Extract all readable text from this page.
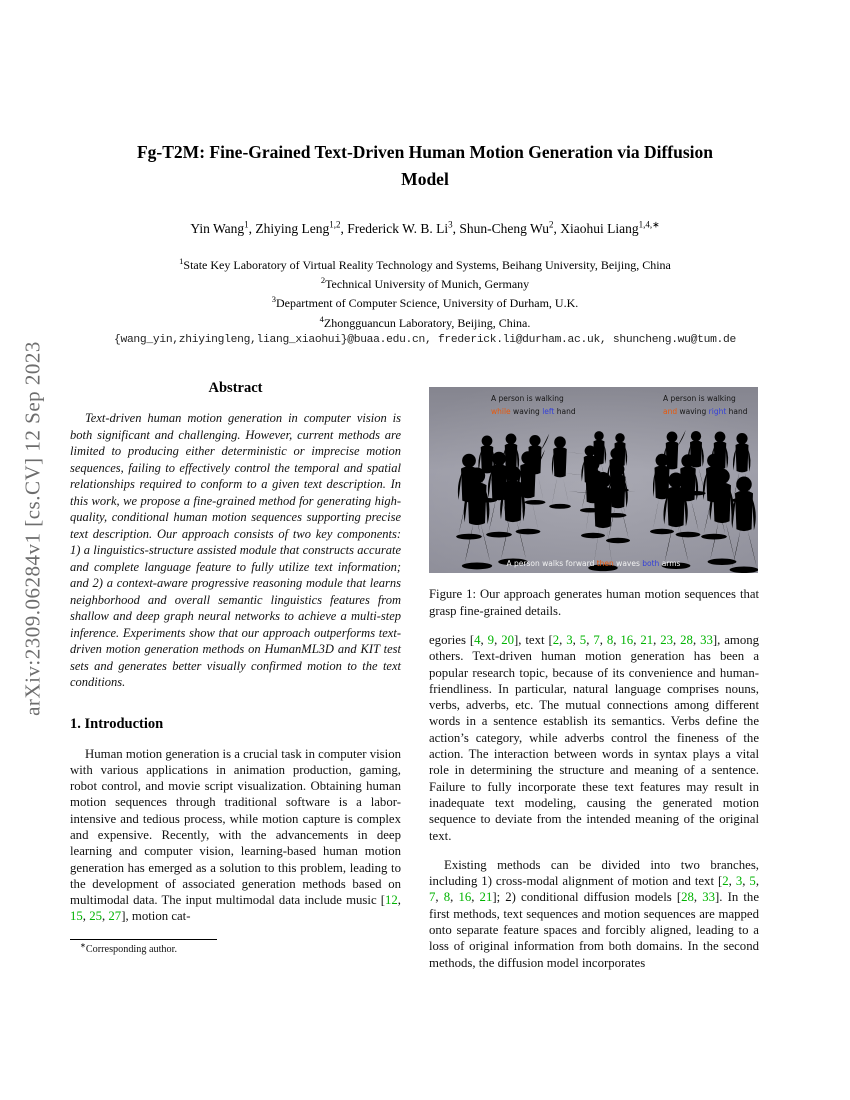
arXiv:2309.06284v1 [cs.CV] 12 Sep 2023
Fg-T2M: Fine-Grained Text-Driven Human Motion Generation via Diffusion
Model
Yin Wang$^1$, Zhiying Leng$^{1,2}$, Frederick W. B. Li$^3$, Shun-Cheng Wu$^2$, Xiaohui Liang$^{1,4,∗}$
$^1$State Key Laboratory of Virtual Reality Technology and Systems, Beihang University, Beijing, China
$^2$Technical University of Munich, Germany
$^3$Department of Computer Science, University of Durham, U.K.
$^4$Zhongguancun Laboratory, Beijing, China.
{wang_yin,zhiyingleng,liang_xiaohui}@buaa.edu.cn, frederick.li@durham.ac.uk, shuncheng.wu@tum.de
Abstract

Text-driven human motion generation in computer vision is both significant and challenging. However, current methods are limited to producing either deterministic or imprecise motion sequences, failing to effectively control the temporal and spatial relationships required to conform to a given text description. In this work, we propose a fine-grained method for generating high-quality, conditional human motion sequences supporting precise text description. Our approach consists of two key components: 1) a linguistics-structure assisted module that constructs accurate and complete language feature to fully utilize text information; and 2) a context-aware progressive reasoning module that learns neighborhood and overall semantic linguistics features from shallow and deep graph neural networks to achieve a multi-step inference. Experiments show that our approach outperforms text-driven motion generation methods on HumanML3D and KIT test sets and generates better visually confirmed motion to the text conditions.

1. Introduction

Human motion generation is a crucial task in computer vision with various applications in animation production, gaming, robot control, and movie script visualization. Obtaining human motion sequences through traditional software is a labor-intensive and tedious process, while motion capture is complex and expensive. Recently, with the advancements in deep learning and computer vision, learning-based human motion generation has emerged as a solution to this problem, leading to the development of associated generation methods based on multimodal data. The input multimodal data include music [12, 15, 25, 27], motion cat-

∗Corresponding author.
A person is walking
while waving left hand
A person is walking
and waving right hand
A person walks forward then waves both arms

Figure 1: Our approach generates human motion sequences that grasp fine-grained details.

egories [4, 9, 20], text [2, 3, 5, 7, 8, 16, 21, 23, 28, 33], among others. Text-driven human motion generation has been a popular research topic, because of its convenience and human-friendliness. In particular, natural language comprises nouns, verbs, adverbs, etc. The mutual connections among different words in a sentence establish its semantics. Verbs define the action’s category, while adverbs control the fineness of the action. The interaction between words in syntax plays a vital role in determining the structure and meaning of a sentence. Failure to fully incorporate these text features may result in inadequate text modeling, causing the generated motion sequence to deviate from the intended meaning of the original text.

Existing methods can be divided into two branches, including 1) cross-modal alignment of motion and text [2, 3, 5, 7, 8, 16, 21]; 2) conditional diffusion models [28, 33]. In the first methods, text sequences and motion sequences are mapped onto separate feature spaces and forcibly aligned, leading to a loss of original information from both domains. In the second methods, the diffusion model incorporates
